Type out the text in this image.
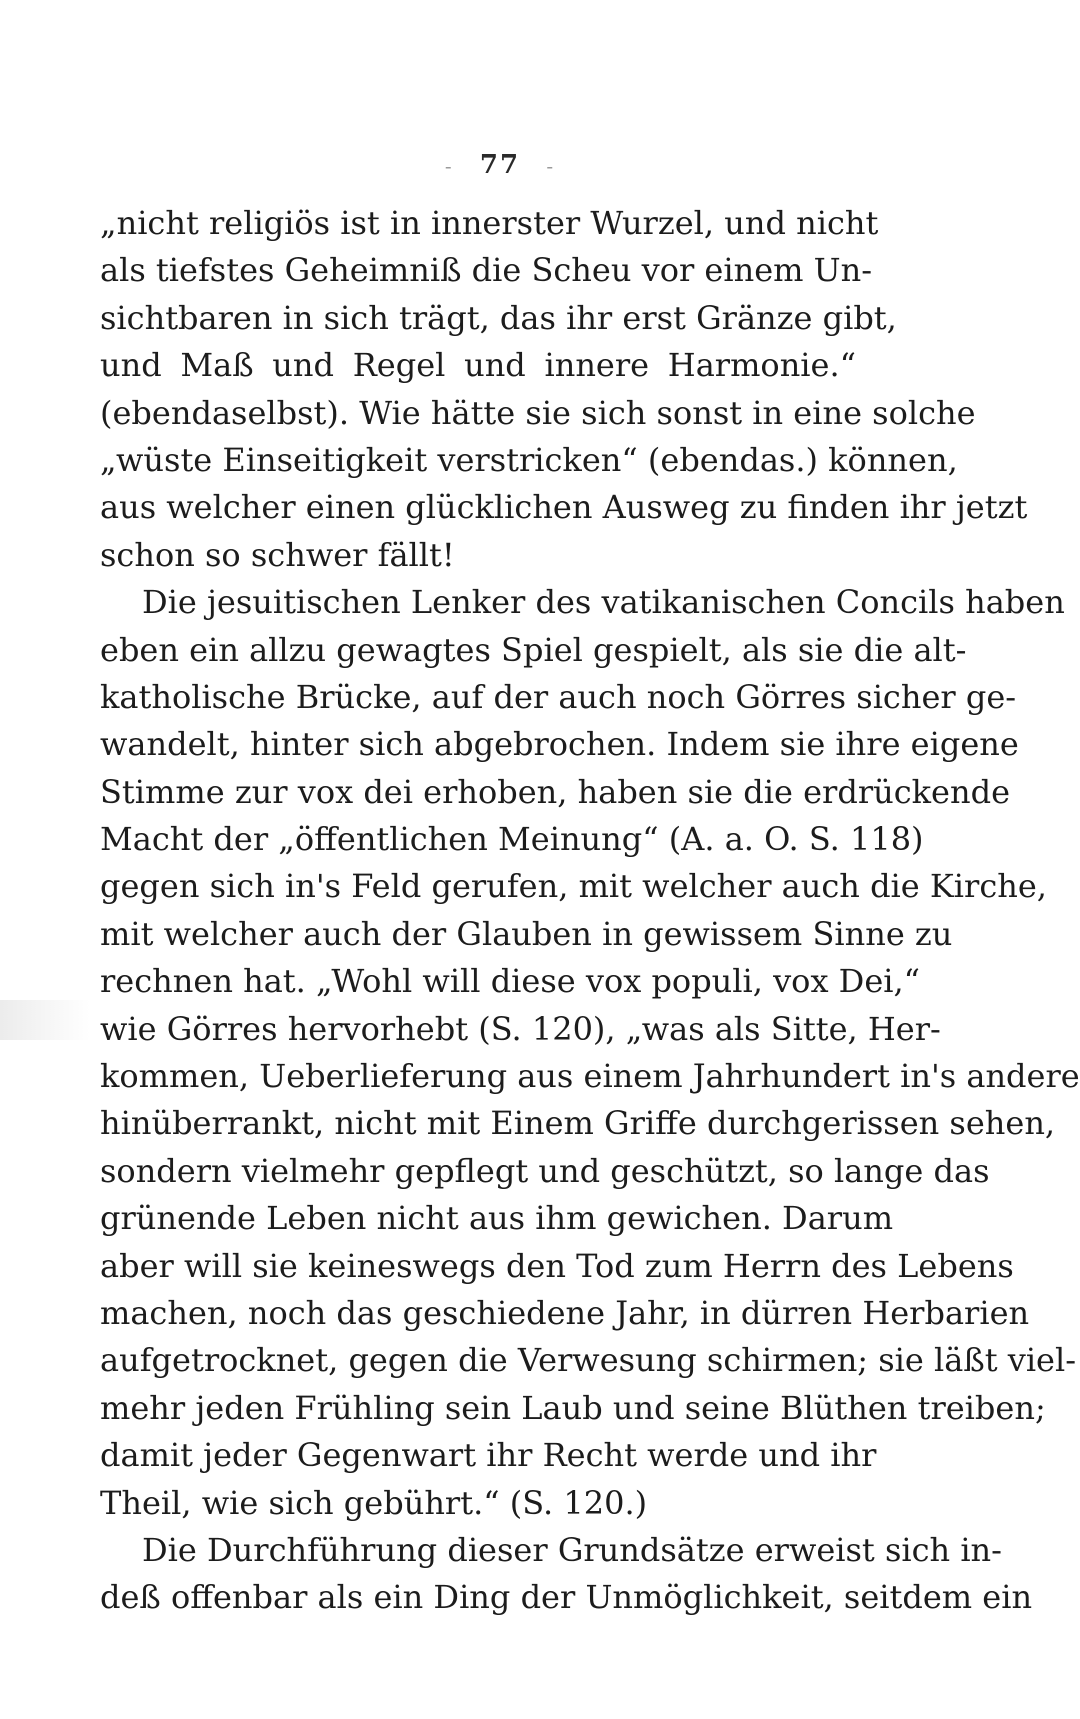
- 77 -
„nicht religiös ist in innerster Wurzel, und nicht
als tiefstes Geheimniß die Scheu vor einem Un-
sichtbaren in sich trägt, das ihr erst Gränze gibt,
und Maß und Regel und innere Harmonie.“
(ebendaselbst). Wie hätte sie sich sonst in eine solche
„wüste Einseitigkeit verstricken“ (ebendas.) können,
aus welcher einen glücklichen Ausweg zu finden ihr jetzt
schon so schwer fällt!
Die jesuitischen Lenker des vatikanischen Concils haben
eben ein allzu gewagtes Spiel gespielt, als sie die alt-
katholische Brücke, auf der auch noch Görres sicher ge-
wandelt, hinter sich abgebrochen. Indem sie ihre eigene
Stimme zur vox dei erhoben, haben sie die erdrückende
Macht der „öffentlichen Meinung“ (A. a. O. S. 118)
gegen sich in's Feld gerufen, mit welcher auch die Kirche,
mit welcher auch der Glauben in gewissem Sinne zu
rechnen hat. „Wohl will diese vox populi, vox Dei,“
wie Görres hervorhebt (S. 120), „was als Sitte, Her-
kommen, Ueberlieferung aus einem Jahrhundert in's andere
hinüberrankt, nicht mit Einem Griffe durchgerissen sehen,
sondern vielmehr gepflegt und geschützt, so lange das
grünende Leben nicht aus ihm gewichen. Darum
aber will sie keineswegs den Tod zum Herrn des Lebens
machen, noch das geschiedene Jahr, in dürren Herbarien
aufgetrocknet, gegen die Verwesung schirmen; sie läßt viel-
mehr jeden Frühling sein Laub und seine Blüthen treiben;
damit jeder Gegenwart ihr Recht werde und ihr
Theil, wie sich gebührt.“ (S. 120.)
Die Durchführung dieser Grundsätze erweist sich in-
deß offenbar als ein Ding der Unmöglichkeit, seitdem ein
